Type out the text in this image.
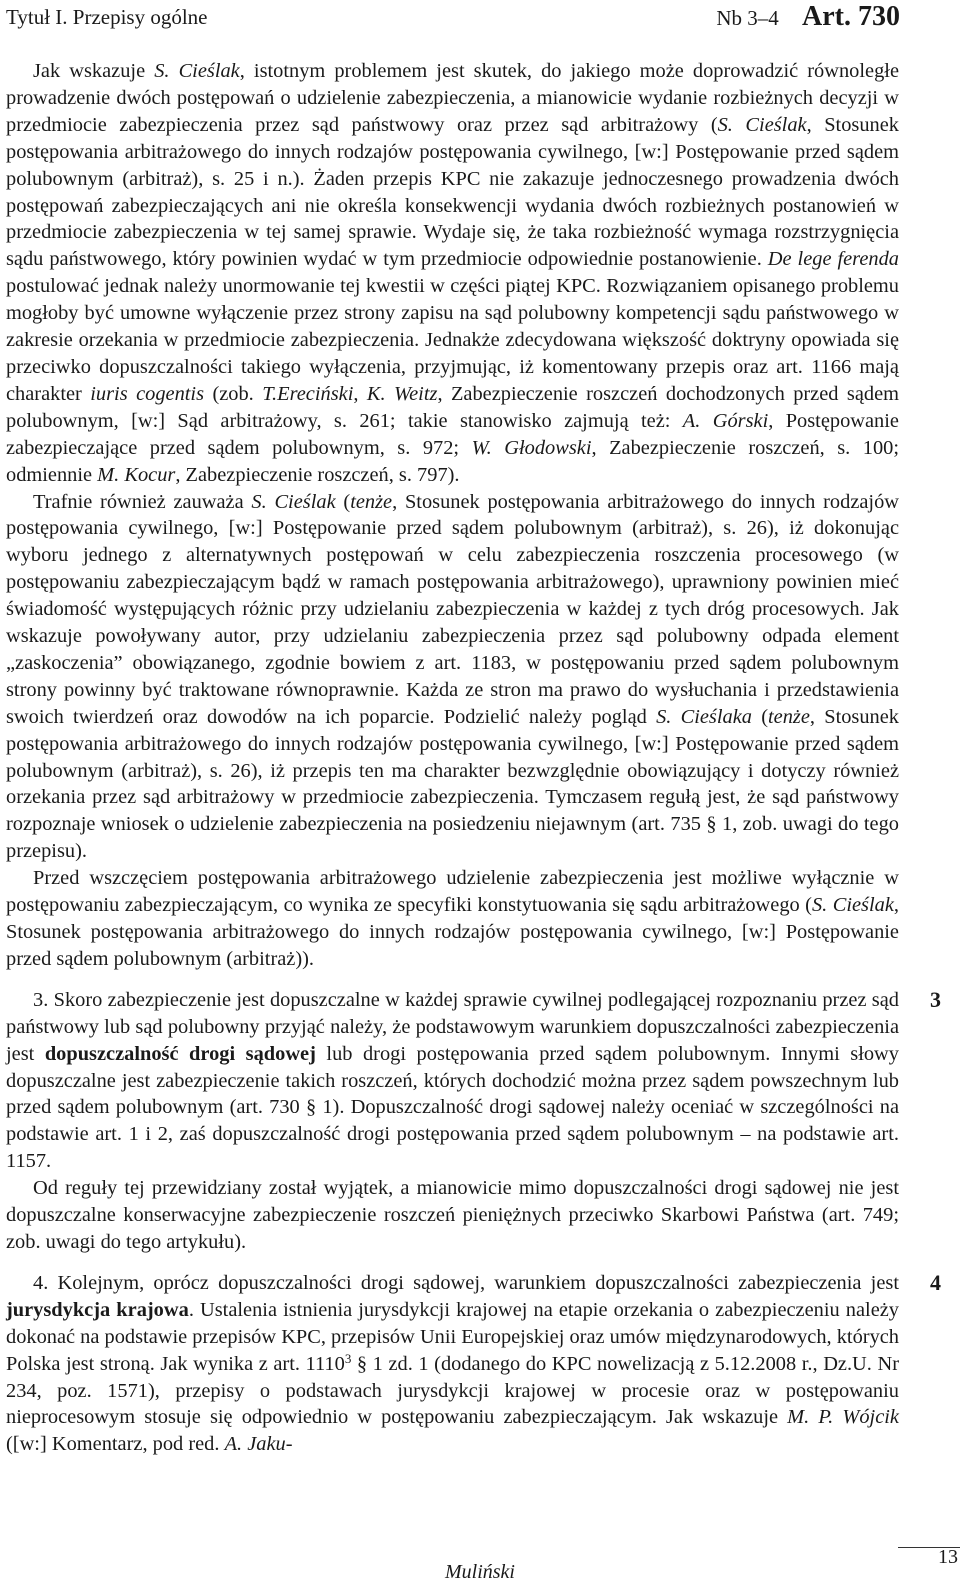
Tytuł I. Przepisy ogólne	Nb 3–4 Art. 730

Jak wskazuje S. Cieślak, istotnym problemem jest skutek, do jakiego może doprowadzić równoległe prowadzenie dwóch postępowań o udzielenie zabezpieczenia, a mianowicie wydanie rozbieżnych decyzji w przedmiocie zabezpieczenia przez sąd państwowy oraz przez sąd arbitrażowy (S. Cieślak, Stosunek postępowania arbitrażowego do innych rodzajów postępowania cywilnego, [w:] Postępowanie przed sądem polubownym (arbitraż), s. 25 i n.). Żaden przepis KPC nie zakazuje jednoczesnego prowadzenia dwóch postępowań zabezpieczających ani nie określa konsekwencji wydania dwóch rozbieżnych postanowień w przedmiocie zabezpieczenia w tej samej sprawie. Wydaje się, że taka rozbieżność wymaga rozstrzygnięcia sądu państwowego, który powinien wydać w tym przedmiocie odpowiednie postanowienie. De lege ferenda postulować jednak należy unormowanie tej kwestii w części piątej KPC. Rozwiązaniem opisanego problemu mogłoby być umowne wyłączenie przez strony zapisu na sąd polubowny kompetencji sądu państwowego w zakresie orzekania w przedmiocie zabezpieczenia. Jednakże zdecydowana większość doktryny opowiada się przeciwko dopuszczalności takiego wyłączenia, przyjmując, iż komentowany przepis oraz art. 1166 mają charakter iuris cogentis (zob. T.Ereciński, K. Weitz, Zabezpieczenie roszczeń dochodzonych przed sądem polubownym, [w:] Sąd arbitrażowy, s. 261; takie stanowisko zajmują też: A. Górski, Postępowanie zabezpieczające przed sądem polubownym, s. 972; W. Głodowski, Zabezpieczenie roszczeń, s. 100; odmiennie M. Kocur, Zabezpieczenie roszczeń, s. 797).

Trafnie również zauważa S. Cieślak (tenże, Stosunek postępowania arbitrażowego do innych rodzajów postępowania cywilnego, [w:] Postępowanie przed sądem polubownym (arbitraż), s. 26), iż dokonując wyboru jednego z alternatywnych postępowań w celu zabezpieczenia roszczenia procesowego (w postępowaniu zabezpieczającym bądź w ramach postępowania arbitrażowego), uprawniony powinien mieć świadomość występujących różnic przy udzielaniu zabezpieczenia w każdej z tych dróg procesowych. Jak wskazuje powoływany autor, przy udzielaniu zabezpieczenia przez sąd polubowny odpada element „zaskoczenia” obowiązanego, zgodnie bowiem z art. 1183, w postępowaniu przed sądem polubownym strony powinny być traktowane równoprawnie. Każda ze stron ma prawo do wysłuchania i przedstawienia swoich twierdzeń oraz dowodów na ich poparcie. Podzielić należy pogląd S. Cieślaka (tenże, Stosunek postępowania arbitrażowego do innych rodzajów postępowania cywilnego, [w:] Postępowanie przed sądem polubownym (arbitraż), s. 26), iż przepis ten ma charakter bezwzględnie obowiązujący i dotyczy również orzekania przez sąd arbitrażowy w przedmiocie zabezpieczenia. Tymczasem regułą jest, że sąd państwowy rozpoznaje wniosek o udzielenie zabezpieczenia na posiedzeniu niejawnym (art. 735 § 1, zob. uwagi do tego przepisu).

Przed wszczęciem postępowania arbitrażowego udzielenie zabezpieczenia jest możliwe wyłącznie w postępowaniu zabezpieczającym, co wynika ze specyfiki konstytuowania się sądu arbitrażowego (S. Cieślak, Stosunek postępowania arbitrażowego do innych rodzajów postępowania cywilnego, [w:] Postępowanie przed sądem polubownym (arbitraż)).

3
3. Skoro zabezpieczenie jest dopuszczalne w każdej sprawie cywilnej podlegającej rozpoznaniu przez sąd państwowy lub sąd polubowny przyjąć należy, że podstawowym warunkiem dopuszczalności zabezpieczenia jest dopuszczalność drogi sądowej lub drogi postępowania przed sądem polubownym. Innymi słowy dopuszczalne jest zabezpieczenie takich roszczeń, których dochodzić można przez sądem powszechnym lub przed sądem polubownym (art. 730 § 1). Dopuszczalność drogi sądowej należy oceniać w szczególności na podstawie art. 1 i 2, zaś dopuszczalność drogi postępowania przed sądem polubownym – na podstawie art. 1157.

Od reguły tej przewidziany został wyjątek, a mianowicie mimo dopuszczalności drogi sądowej nie jest dopuszczalne konserwacyjne zabezpieczenie roszczeń pieniężnych przeciwko Skarbowi Państwa (art. 749; zob. uwagi do tego artykułu).

4
4. Kolejnym, oprócz dopuszczalności drogi sądowej, warunkiem dopuszczalności zabezpieczenia jest jurysdykcja krajowa. Ustalenia istnienia jurysdykcji krajowej na etapie orzekania o zabezpieczeniu należy dokonać na podstawie przepisów KPC, przepisów Unii Europejskiej oraz umów międzynarodowych, których Polska jest stroną. Jak wynika z art. 1110$^3$ § 1 zd. 1 (dodanego do KPC nowelizacją z 5.12.2008 r., Dz.U. Nr 234, poz. 1571), przepisy o podstawach jurysdykcji krajowej w procesie oraz w postępowaniu nieprocesowym stosuje się odpowiednio w postępowaniu zabezpieczającym. Jak wskazuje M. P. Wójcik ([w:] Komentarz, pod red. A. Jaku-

13
Muliński
